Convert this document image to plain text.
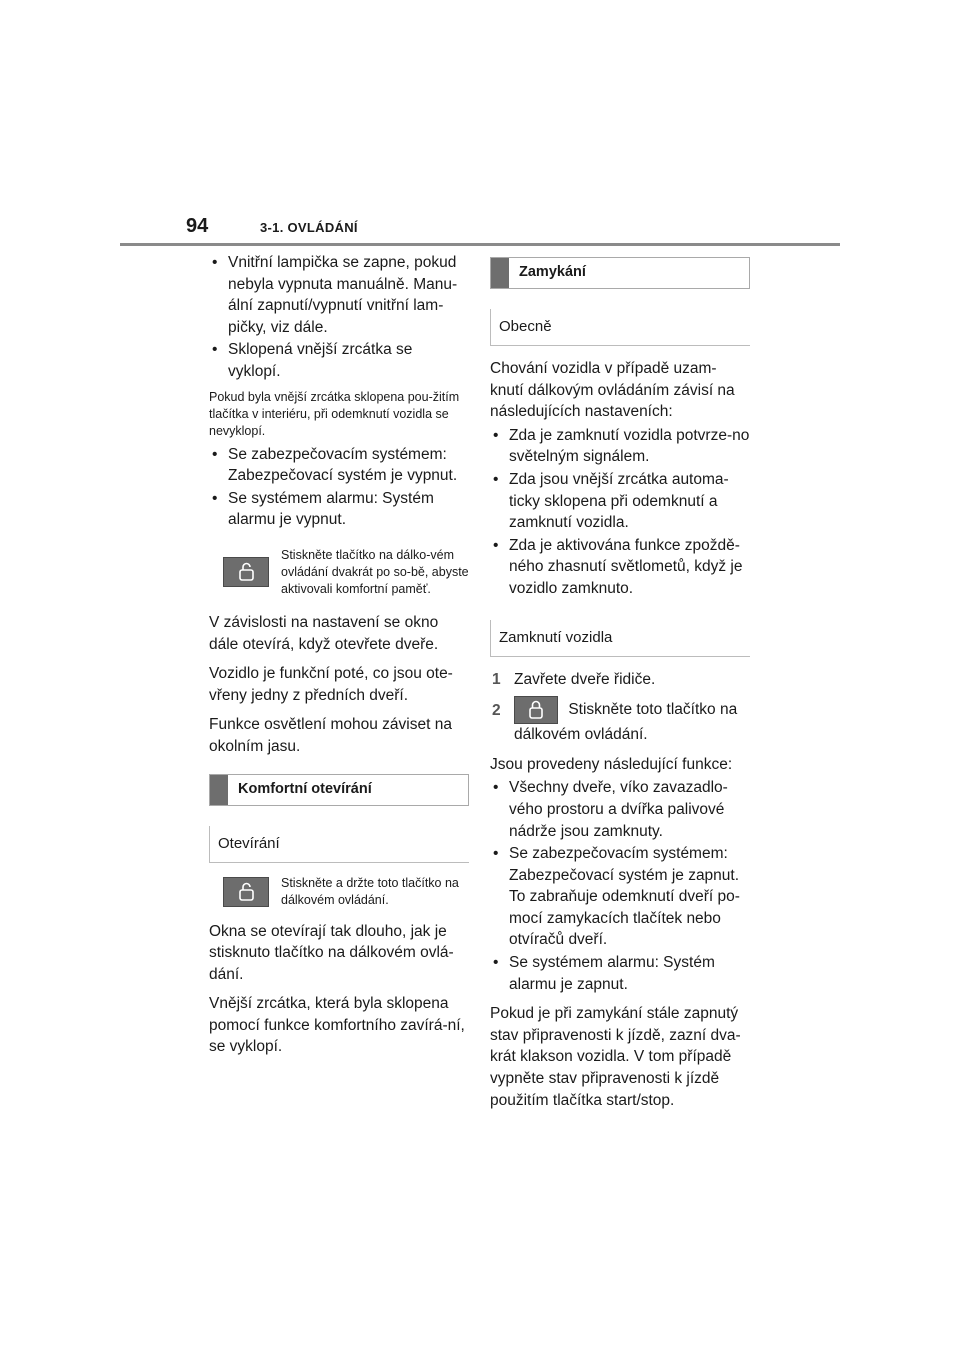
94	3-1. OVLÁDÁNÍ
• Vnitřní lampička se zapne, pokud nebyla vypnuta manuálně. Manu-ální zapnutí/vypnutí vnitřní lam-pičky, viz dále.
• Sklopená vnější zrcátka se vyklopí.
Pokud byla vnější zrcátka sklopena pou-žitím tlačítka v interiéru, při odemknutí vozidla se nevyklopí.
• Se zabezpečovacím systémem: Zabezpečovací systém je vypnut.
• Se systémem alarmu: Systém alarmu je vypnut.
Stiskněte tlačítko na dálko-vém ovládání dvakrát po so-bě, abyste aktivovali komfortní paměť.
V závislosti na nastavení se okno dále otevírá, když otevřete dveře.
Vozidlo je funkční poté, co jsou ote-vřeny jedny z předních dveří.
Funkce osvětlení mohou záviset na okolním jasu.
Komfortní otevírání
Otevírání
Stiskněte a držte toto tlačítko na dálkovém ovládání.
Okna se otevírají tak dlouho, jak je stisknuto tlačítko na dálkovém ovlá-dání.
Vnější zrcátka, která byla sklopena pomocí funkce komfortního zavírá-ní, se vyklopí.
Zamykání
Obecně
Chování vozidla v případě uzam-knutí dálkovým ovládáním závisí na následujících nastaveních:
• Zda je zamknutí vozidla potvrze-no světelným signálem.
• Zda jsou vnější zrcátka automa-ticky sklopena při odemknutí a zamknutí vozidla.
• Zda je aktivována funkce zpoždě-ného zhasnutí světlometů, když je vozidlo zamknuto.
Zamknutí vozidla
1 Zavřete dveře řidiče.
2	Stiskněte toto tlačítko na dálkovém ovládání.
Jsou provedeny následující funkce:
• Všechny dveře, víko zavazadlo-vého prostoru a dvířka palivové nádrže jsou zamknuty.
• Se zabezpečovacím systémem: Zabezpečovací systém je zapnut. To zabraňuje odemknutí dveří po-mocí zamykacích tlačítek nebo otvíračů dveří.
• Se systémem alarmu: Systém alarmu je zapnut.
Pokud je při zamykání stále zapnutý stav připravenosti k jízdě, zazní dva-krát klakson vozidla. V tom případě vypněte stav připravenosti k jízdě použitím tlačítka start/stop.
